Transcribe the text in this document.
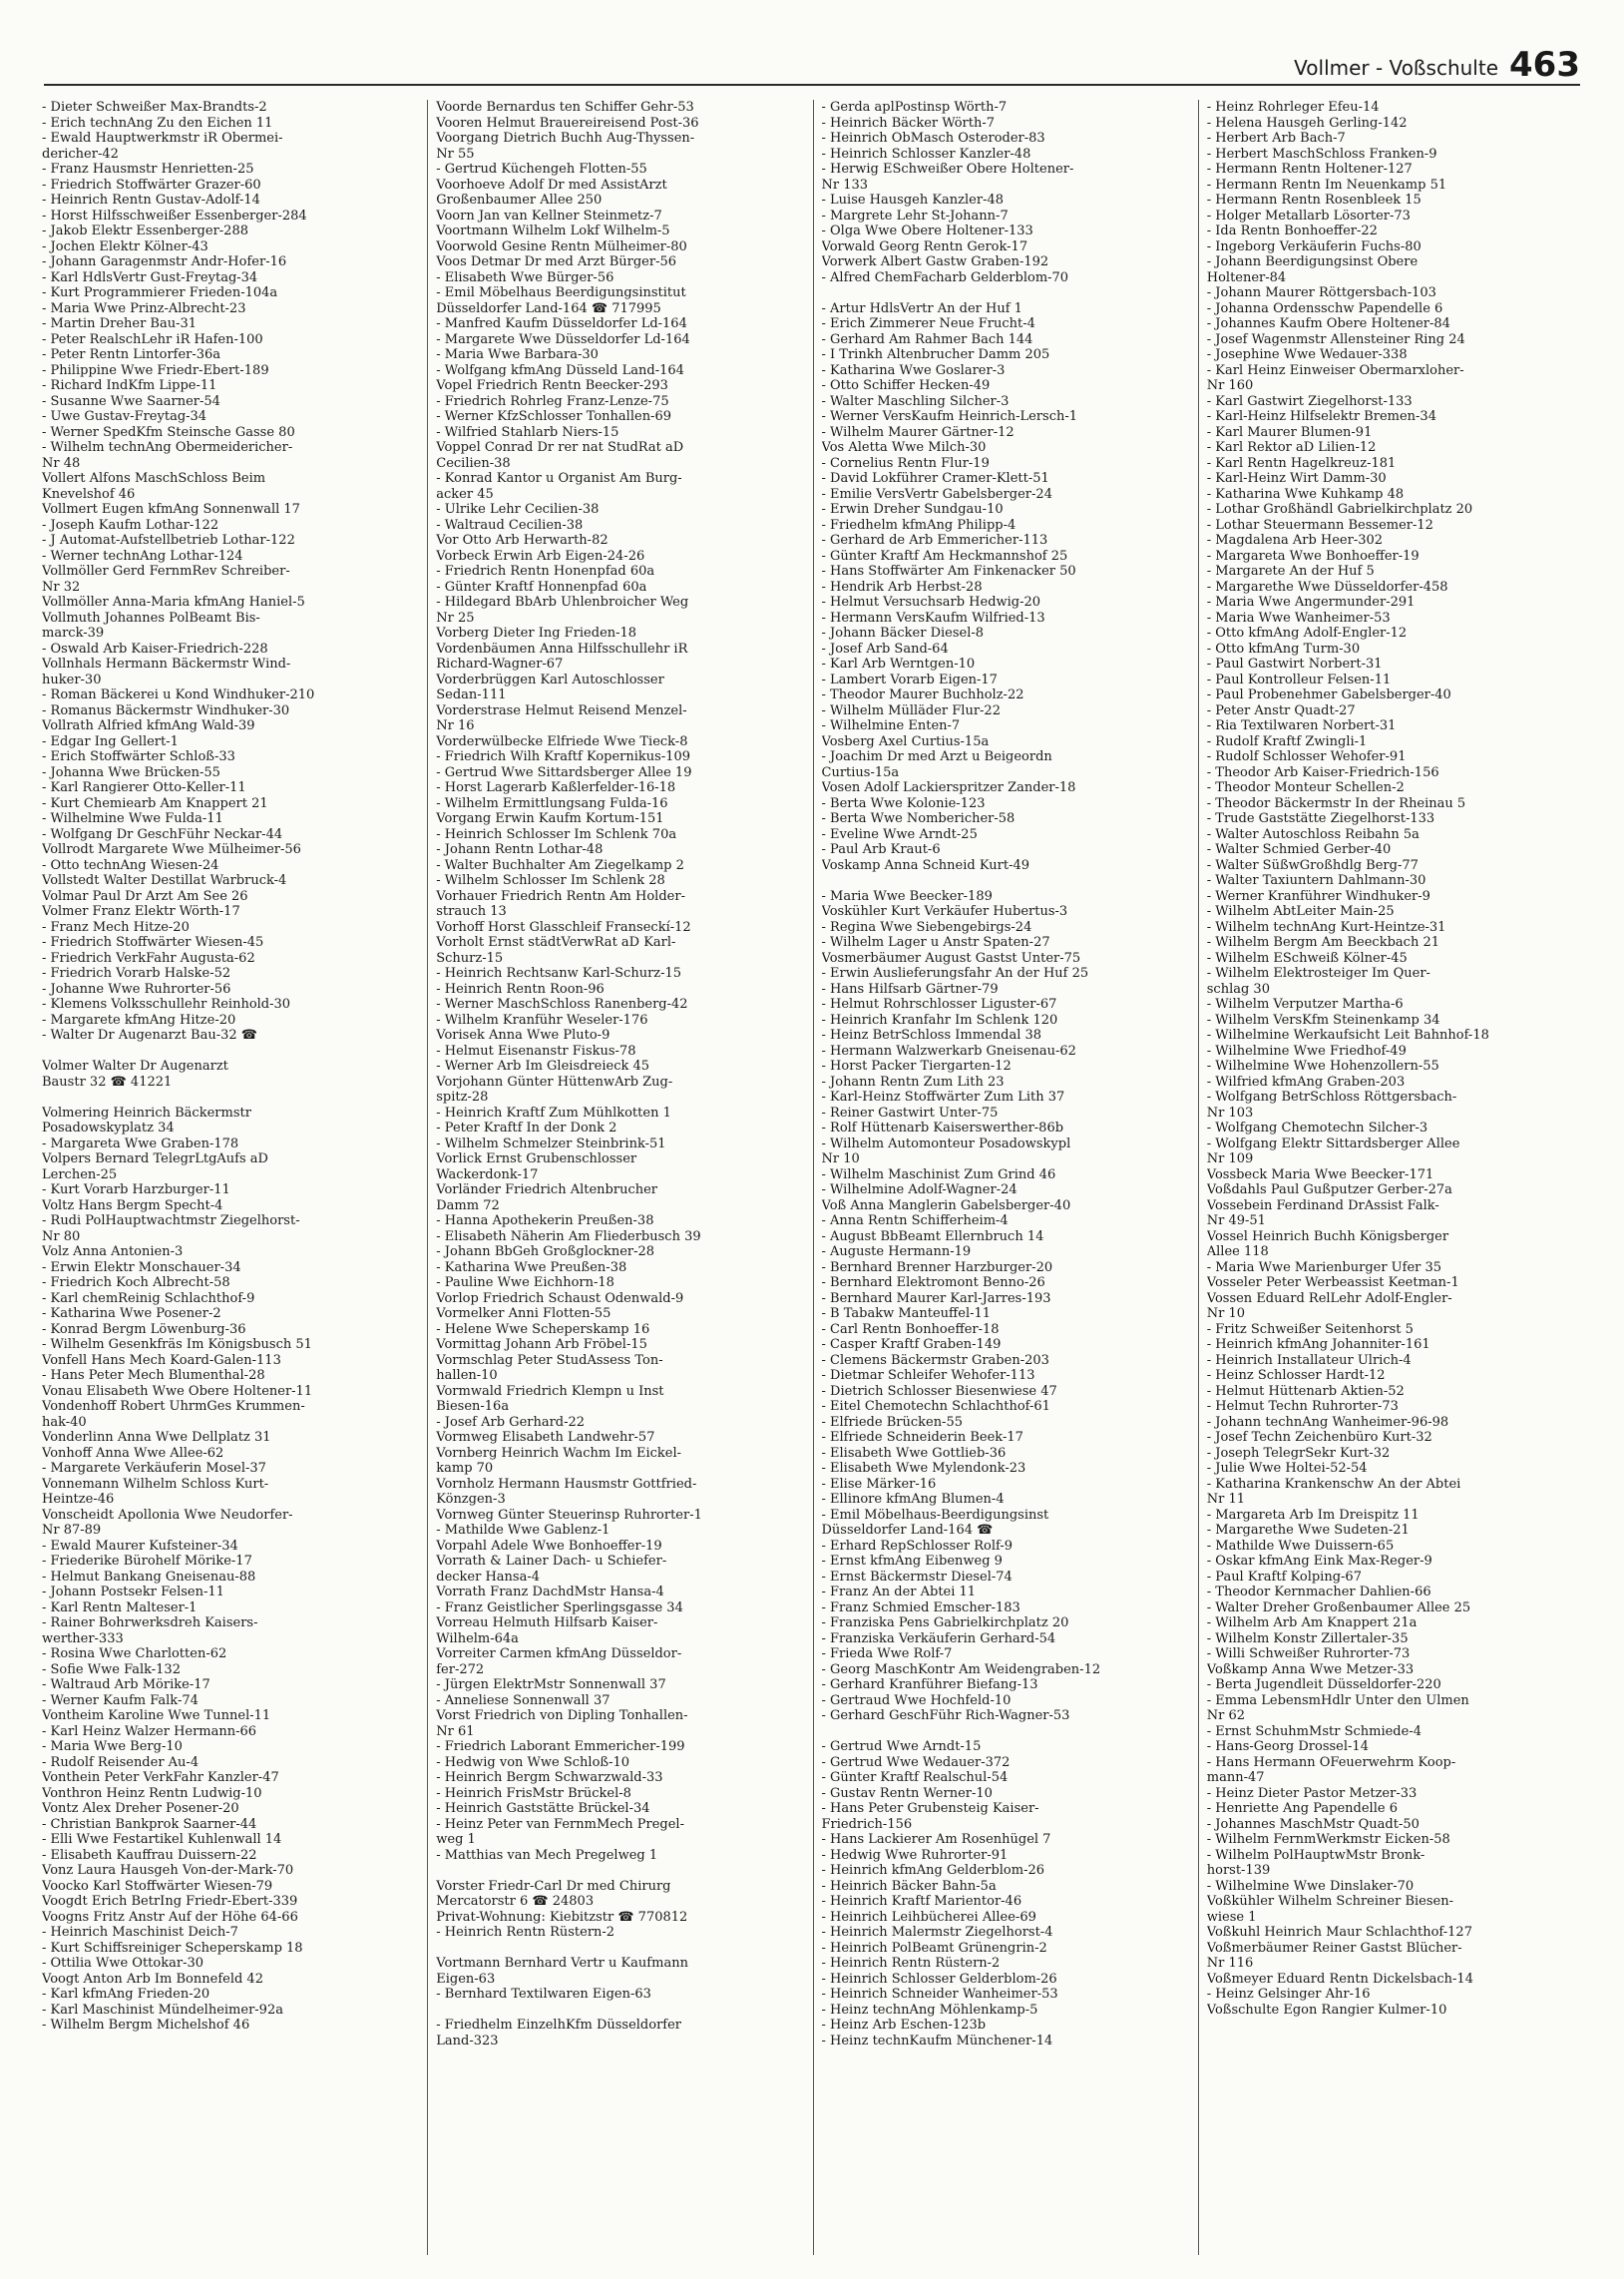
Vollmer - Voßschulte 463
- Dieter Schweißer Max-Brandts-2
- Erich technAng Zu den Eichen 11
- Ewald Hauptwerkmstr iR Obermei-
dericher-42
- Franz Hausmstr Henrietten-25
- Friedrich Stoffwärter Grazer-60
- Heinrich Rentn Gustav-Adolf-14
- Horst Hilfsschweißer Essenberger-284
- Jakob Elektr Essenberger-288
- Jochen Elektr Kölner-43
- Johann Garagenmstr Andr-Hofer-16
- Karl HdlsVertr Gust-Freytag-34
- Kurt Programmierer Frieden-104a
- Maria Wwe Prinz-Albrecht-23
- Martin Dreher Bau-31
- Peter RealschLehr iR Hafen-100
- Peter Rentn Lintorfer-36a
- Philippine Wwe Friedr-Ebert-189
- Richard IndKfm Lippe-11
- Susanne Wwe Saarner-54
- Uwe Gustav-Freytag-34
- Werner SpedKfm Steinsche Gasse 80
- Wilhelm technAng Obermeidericher-
Nr 48
Vollert Alfons MaschSchloss Beim
Knevelshof 46
Vollmert Eugen kfmAng Sonnenwall 17
- Joseph Kaufm Lothar-122
- J Automat-Aufstellbetrieb Lothar-122
- Werner technAng Lothar-124
Vollmöller Gerd FernmRev Schreiber-
Nr 32
Vollmöller Anna-Maria kfmAng Haniel-5
Vollmuth Johannes PolBeamt Bis-
marck-39
- Oswald Arb Kaiser-Friedrich-228
Vollnhals Hermann Bäckermstr Wind-
huker-30
- Roman Bäckerei u Kond Windhuker-210
- Romanus Bäckermstr Windhuker-30
Vollrath Alfried kfmAng Wald-39
- Edgar Ing Gellert-1
- Erich Stoffwärter Schloß-33
- Johanna Wwe Brücken-55
- Karl Rangierer Otto-Keller-11
- Kurt Chemiearb Am Knappert 21
- Wilhelmine Wwe Fulda-11
- Wolfgang Dr GeschFühr Neckar-44
Vollrodt Margarete Wwe Mülheimer-56
- Otto technAng Wiesen-24
Vollstedt Walter Destillat Warbruck-4
Volmar Paul Dr Arzt Am See 26
Volmer Franz Elektr Wörth-17
- Franz Mech Hitze-20
- Friedrich Stoffwärter Wiesen-45
- Friedrich VerkFahr Augusta-62
- Friedrich Vorarb Halske-52
- Johanne Wwe Ruhrorter-56
- Klemens Volksschullehr Reinhold-30
- Margarete kfmAng Hitze-20
- Walter Dr Augenarzt Bau-32 ☎

Volmer Walter Dr Augenarzt
Baustr 32 ☎ 41221

Volmering Heinrich Bäckermstr
Posadowskyplatz 34
- Margareta Wwe Graben-178
Volpers Bernard TelegrLtgAufs aD
Lerchen-25
- Kurt Vorarb Harzburger-11
Voltz Hans Bergm Specht-4
- Rudi PolHauptwachtmstr Ziegelhorst-
Nr 80
Volz Anna Antonien-3
- Erwin Elektr Monschauer-34
- Friedrich Koch Albrecht-58
- Karl chemReinig Schlachthof-9
- Katharina Wwe Posener-2
- Konrad Bergm Löwenburg-36
- Wilhelm Gesenkfräs Im Königsbusch 51
Vonfell Hans Mech Koard-Galen-113
- Hans Peter Mech Blumenthal-28
Vonau Elisabeth Wwe Obere Holtener-11
Vondenhoff Robert UhrmGes Krummen-
hak-40
Vonderlinn Anna Wwe Dellplatz 31
Vonhoff Anna Wwe Allee-62
- Margarete Verkäuferin Mosel-37
Vonnemann Wilhelm Schloss Kurt-
Heintze-46
Vonscheidt Apollonia Wwe Neudorfer-
Nr 87-89
- Ewald Maurer Kufsteiner-34
- Friederike Bürohelf Mörike-17
- Helmut Bankang Gneisenau-88
- Johann Postsekr Felsen-11
- Karl Rentn Malteser-1
- Rainer Bohrwerksdreh Kaisers-
werther-333
- Rosina Wwe Charlotten-62
- Sofie Wwe Falk-132
- Waltraud Arb Mörike-17
- Werner Kaufm Falk-74
Vontheim Karoline Wwe Tunnel-11
- Karl Heinz Walzer Hermann-66
- Maria Wwe Berg-10
- Rudolf Reisender Au-4
Vonthein Peter VerkFahr Kanzler-47
Vonthron Heinz Rentn Ludwig-10
Vontz Alex Dreher Posener-20
- Christian Bankprok Saarner-44
- Elli Wwe Festartikel Kuhlenwall 14
- Elisabeth Kauffrau Duissern-22
Vonz Laura Hausgeh Von-der-Mark-70
Voocko Karl Stoffwärter Wiesen-79
Voogdt Erich BetrIng Friedr-Ebert-339
Voogns Fritz Anstr Auf der Höhe 64-66
- Heinrich Maschinist Deich-7
- Kurt Schiffsreiniger Scheperskamp 18
- Ottilia Wwe Ottokar-30
Voogt Anton Arb Im Bonnefeld 42
- Karl kfmAng Frieden-20
- Karl Maschinist Mündelheimer-92a
- Wilhelm Bergm Michelshof 46
Voorde Bernardus ten Schiffer Gehr-53
Vooren Helmut Brauereireisend Post-36
Voorgang Dietrich Buchh Aug-Thyssen-
Nr 55
- Gertrud Küchengeh Flotten-55
Voorhoeve Adolf Dr med AssistArzt
Großenbaumer Allee 250
Voorn Jan van Kellner Steinmetz-7
Voortmann Wilhelm Lokf Wilhelm-5
Voorwold Gesine Rentn Mülheimer-80
Voos Detmar Dr med Arzt Bürger-56
- Elisabeth Wwe Bürger-56
- Emil Möbelhaus Beerdigungsinstitut
Düsseldorfer Land-164 ☎ 717995
- Manfred Kaufm Düsseldorfer Ld-164
- Margarete Wwe Düsseldorfer Ld-164
- Maria Wwe Barbara-30
- Wolfgang kfmAng Düsseld Land-164
Vopel Friedrich Rentn Beecker-293
- Friedrich Rohrleg Franz-Lenze-75
- Werner KfzSchlosser Tonhallen-69
- Wilfried Stahlarb Niers-15
Voppel Conrad Dr rer nat StudRat aD
Cecilien-38
- Konrad Kantor u Organist Am Burg-
acker 45
- Ulrike Lehr Cecilien-38
- Waltraud Cecilien-38
Vor Otto Arb Herwarth-82
Vorbeck Erwin Arb Eigen-24-26
- Friedrich Rentn Honenpfad 60a
- Günter Kraftf Honnenpfad 60a
- Hildegard BbArb Uhlenbroicher Weg
Nr 25
Vorberg Dieter Ing Frieden-18
Vordenbäumen Anna Hilfsschullehr iR
Richard-Wagner-67
Vorderbrüggen Karl Autoschlosser
Sedan-111
Vorderstrase Helmut Reisend Menzel-
Nr 16
Vorderwülbecke Elfriede Wwe Tieck-8
- Friedrich Wilh Kraftf Kopernikus-109
- Gertrud Wwe Sittardsberger Allee 19
- Horst Lagerarb Kaßlerfelder-16-18
- Wilhelm Ermittlungsang Fulda-16
Vorgang Erwin Kaufm Kortum-151
- Heinrich Schlosser Im Schlenk 70a
- Johann Rentn Lothar-48
- Walter Buchhalter Am Ziegelkamp 2
- Wilhelm Schlosser Im Schlenk 28
Vorhauer Friedrich Rentn Am Holder-
strauch 13
Vorhoff Horst Glasschleif Franseckí-12
Vorholt Ernst städtVerwRat aD Karl-
Schurz-15
- Heinrich Rechtsanw Karl-Schurz-15
- Heinrich Rentn Roon-96
- Werner MaschSchloss Ranenberg-42
- Wilhelm Kranführ Weseler-176
Vorisek Anna Wwe Pluto-9
- Helmut Eisenanstr Fiskus-78
- Werner Arb Im Gleisdreieck 45
Vorjohann Günter HüttenwArb Zug-
spitz-28
- Heinrich Kraftf Zum Mühlkotten 1
- Peter Kraftf In der Donk 2
- Wilhelm Schmelzer Steinbrink-51
Vorlick Ernst Grubenschlosser
Wackerdonk-17
Vorländer Friedrich Altenbrucher
Damm 72
- Hanna Apothekerin Preußen-38
- Elisabeth Näherin Am Fliederbusch 39
- Johann BbGeh Großglockner-28
- Katharina Wwe Preußen-38
- Pauline Wwe Eichhorn-18
Vorlop Friedrich Schaust Odenwald-9
Vormelker Anni Flotten-55
- Helene Wwe Scheperskamp 16
Vormittag Johann Arb Fröbel-15
Vormschlag Peter StudAssess Ton-
hallen-10
Vormwald Friedrich Klempn u Inst
Biesen-16a
- Josef Arb Gerhard-22
Vormweg Elisabeth Landwehr-57
Vornberg Heinrich Wachm Im Eickel-
kamp 70
Vornholz Hermann Hausmstr Gottfried-
Könzgen-3
Vornweg Günter Steuerinsp Ruhrorter-1
- Mathilde Wwe Gablenz-1
Vorpahl Adele Wwe Bonhoeffer-19
Vorrath & Lainer Dach- u Schiefer-
decker Hansa-4
Vorrath Franz DachdMstr Hansa-4
- Franz Geistlicher Sperlingsgasse 34
Vorreau Helmuth Hilfsarb Kaiser-
Wilhelm-64a
Vorreiter Carmen kfmAng Düsseldor-
fer-272
- Jürgen ElektrMstr Sonnenwall 37
- Anneliese Sonnenwall 37
Vorst Friedrich von Dipling Tonhallen-
Nr 61
- Friedrich Laborant Emmericher-199
- Hedwig von Wwe Schloß-10
- Heinrich Bergm Schwarzwald-33
- Heinrich FrisMstr Brückel-8
- Heinrich Gaststätte Brückel-34
- Heinz Peter van FernmMech Pregel-
weg 1
- Matthias van Mech Pregelweg 1

Vorster Friedr-Carl Dr med Chirurg
Mercatorstr 6 ☎ 24803
Privat-Wohnung: Kiebitzstr ☎ 770812
- Heinrich Rentn Rüstern-2

Vortmann Bernhard Vertr u Kaufmann
Eigen-63
- Bernhard Textilwaren Eigen-63

- Friedhelm EinzelhKfm Düsseldorfer
Land-323
- Gerda aplPostinsp Wörth-7
- Heinrich Bäcker Wörth-7
- Heinrich ObMasch Osteroder-83
- Heinrich Schlosser Kanzler-48
- Herwig ESchweißer Obere Holtener-
Nr 133
- Luise Hausgeh Kanzler-48
- Margrete Lehr St-Johann-7
- Olga Wwe Obere Holtener-133
Vorwald Georg Rentn Gerok-17
Vorwerk Albert Gastw Graben-192
- Alfred ChemFacharb Gelderblom-70

- Artur HdlsVertr An der Huf 1
- Erich Zimmerer Neue Frucht-4
- Gerhard Am Rahmer Bach 144
- I Trinkh Altenbrucher Damm 205
- Katharina Wwe Goslarer-3
- Otto Schiffer Hecken-49
- Walter Maschling Silcher-3
- Werner VersKaufm Heinrich-Lersch-1
- Wilhelm Maurer Gärtner-12
Vos Aletta Wwe Milch-30
- Cornelius Rentn Flur-19
- David Lokführer Cramer-Klett-51
- Emilie VersVertr Gabelsberger-24
- Erwin Dreher Sundgau-10
- Friedhelm kfmAng Philipp-4
- Gerhard de Arb Emmericher-113
- Günter Kraftf Am Heckmannshof 25
- Hans Stoffwärter Am Finkenacker 50
- Hendrik Arb Herbst-28
- Helmut Versuchsarb Hedwig-20
- Hermann VersKaufm Wilfried-13
- Johann Bäcker Diesel-8
- Josef Arb Sand-64
- Karl Arb Werntgen-10
- Lambert Vorarb Eigen-17
- Theodor Maurer Buchholz-22
- Wilhelm Mülläder Flur-22
- Wilhelmine Enten-7
Vosberg Axel Curtius-15a
- Joachim Dr med Arzt u Beigeordn
Curtius-15a
Vosen Adolf Lackierspritzer Zander-18
- Berta Wwe Kolonie-123
- Berta Wwe Nombericher-58
- Eveline Wwe Arndt-25
- Paul Arb Kraut-6
Voskamp Anna Schneid Kurt-49

- Maria Wwe Beecker-189
Voskühler Kurt Verkäufer Hubertus-3
- Regina Wwe Siebengebirgs-24
- Wilhelm Lager u Anstr Spaten-27
Vosmerbäumer August Gastst Unter-75
- Erwin Auslieferungsfahr An der Huf 25
- Hans Hilfsarb Gärtner-79
- Helmut Rohrschlosser Liguster-67
- Heinrich Kranfahr Im Schlenk 120
- Heinz BetrSchloss Immendal 38
- Hermann Walzwerkarb Gneisenau-62
- Horst Packer Tiergarten-12
- Johann Rentn Zum Lith 23
- Karl-Heinz Stoffwärter Zum Lith 37
- Reiner Gastwirt Unter-75
- Rolf Hüttenarb Kaiserswerther-86b
- Wilhelm Automonteur Posadowskypl
Nr 10
- Wilhelm Maschinist Zum Grind 46
- Wilhelmine Adolf-Wagner-24
Voß Anna Manglerin Gabelsberger-40
- Anna Rentn Schifferheim-4
- August BbBeamt Ellernbruch 14
- Auguste Hermann-19
- Bernhard Brenner Harzburger-20
- Bernhard Elektromont Benno-26
- Bernhard Maurer Karl-Jarres-193
- B Tabakw Manteuffel-11
- Carl Rentn Bonhoeffer-18
- Casper Kraftf Graben-149
- Clemens Bäckermstr Graben-203
- Dietmar Schleifer Wehofer-113
- Dietrich Schlosser Biesenwiese 47
- Eitel Chemotechn Schlachthof-61
- Elfriede Brücken-55
- Elfriede Schneiderin Beek-17
- Elisabeth Wwe Gottlieb-36
- Elisabeth Wwe Mylendonk-23
- Elise Märker-16
- Ellinore kfmAng Blumen-4
- Emil Möbelhaus-Beerdigungsinst
Düsseldorfer Land-164 ☎
- Erhard RepSchlosser Rolf-9
- Ernst kfmAng Eibenweg 9
- Ernst Bäckermstr Diesel-74
- Franz An der Abtei 11
- Franz Schmied Emscher-183
- Franziska Pens Gabrielkirchplatz 20
- Franziska Verkäuferin Gerhard-54
- Frieda Wwe Rolf-7
- Georg MaschKontr Am Weidengraben-12
- Gerhard Kranführer Biefang-13
- Gertraud Wwe Hochfeld-10
- Gerhard GeschFühr Rich-Wagner-53

- Gertrud Wwe Arndt-15
- Gertrud Wwe Wedauer-372
- Günter Kraftf Realschul-54
- Gustav Rentn Werner-10
- Hans Peter Grubensteig Kaiser-
Friedrich-156
- Hans Lackierer Am Rosenhügel 7
- Hedwig Wwe Ruhrorter-91
- Heinrich kfmAng Gelderblom-26
- Heinrich Bäcker Bahn-5a
- Heinrich Kraftf Marientor-46
- Heinrich Leihbücherei Allee-69
- Heinrich Malermstr Ziegelhorst-4
- Heinrich PolBeamt Grünengrin-2
- Heinrich Rentn Rüstern-2
- Heinrich Schlosser Gelderblom-26
- Heinrich Schneider Wanheimer-53
- Heinz technAng Möhlenkamp-5
- Heinz Arb Eschen-123b
- Heinz technKaufm Münchener-14
- Heinz Rohrleger Efeu-14
- Helena Hausgeh Gerling-142
- Herbert Arb Bach-7
- Herbert MaschSchloss Franken-9
- Hermann Rentn Holtener-127
- Hermann Rentn Im Neuenkamp 51
- Hermann Rentn Rosenbleek 15
- Holger Metallarb Lösorter-73
- Ida Rentn Bonhoeffer-22
- Ingeborg Verkäuferin Fuchs-80
- Johann Beerdigungsinst Obere
Holtener-84
- Johann Maurer Röttgersbach-103
- Johanna Ordensschw Papendelle 6
- Johannes Kaufm Obere Holtener-84
- Josef Wagenmstr Allensteiner Ring 24
- Josephine Wwe Wedauer-338
- Karl Heinz Einweiser Obermarxloher-
Nr 160
- Karl Gastwirt Ziegelhorst-133
- Karl-Heinz Hilfselektr Bremen-34
- Karl Maurer Blumen-91
- Karl Rektor aD Lilien-12
- Karl Rentn Hagelkreuz-181
- Karl-Heinz Wirt Damm-30
- Katharina Wwe Kuhkamp 48
- Lothar Großhändl Gabrielkirchplatz 20
- Lothar Steuermann Bessemer-12
- Magdalena Arb Heer-302
- Margareta Wwe Bonhoeffer-19
- Margarete An der Huf 5
- Margarethe Wwe Düsseldorfer-458
- Maria Wwe Angermunder-291
- Maria Wwe Wanheimer-53
- Otto kfmAng Adolf-Engler-12
- Otto kfmAng Turm-30
- Paul Gastwirt Norbert-31
- Paul Kontrolleur Felsen-11
- Paul Probenehmer Gabelsberger-40
- Peter Anstr Quadt-27
- Ria Textilwaren Norbert-31
- Rudolf Kraftf Zwingli-1
- Rudolf Schlosser Wehofer-91
- Theodor Arb Kaiser-Friedrich-156
- Theodor Monteur Schellen-2
- Theodor Bäckermstr In der Rheinau 5
- Trude Gaststätte Ziegelhorst-133
- Walter Autoschloss Reibahn 5a
- Walter Schmied Gerber-40
- Walter SüßwGroßhdlg Berg-77
- Walter Taxiuntern Dahlmann-30
- Werner Kranführer Windhuker-9
- Wilhelm AbtLeiter Main-25
- Wilhelm technAng Kurt-Heintze-31
- Wilhelm Bergm Am Beeckbach 21
- Wilhelm ESchweiß Kölner-45
- Wilhelm Elektrosteiger Im Quer-
schlag 30
- Wilhelm Verputzer Martha-6
- Wilhelm VersKfm Steinenkamp 34
- Wilhelmine Werkaufsicht Leit Bahnhof-18
- Wilhelmine Wwe Friedhof-49
- Wilhelmine Wwe Hohenzollern-55
- Wilfried kfmAng Graben-203
- Wolfgang BetrSchloss Röttgersbach-
Nr 103
- Wolfgang Chemotechn Silcher-3
- Wolfgang Elektr Sittardsberger Allee
Nr 109
Vossbeck Maria Wwe Beecker-171
Voßdahls Paul Gußputzer Gerber-27a
Vossebein Ferdinand DrAssist Falk-
Nr 49-51
Vossel Heinrich Buchh Königsberger
Allee 118
- Maria Wwe Marienburger Ufer 35
Vosseler Peter Werbeassist Keetman-1
Vossen Eduard RelLehr Adolf-Engler-
Nr 10
- Fritz Schweißer Seitenhorst 5
- Heinrich kfmAng Johanniter-161
- Heinrich Installateur Ulrich-4
- Heinz Schlosser Hardt-12
- Helmut Hüttenarb Aktien-52
- Helmut Techn Ruhrorter-73
- Johann technAng Wanheimer-96-98
- Josef Techn Zeichenbüro Kurt-32
- Joseph TelegrSekr Kurt-32
- Julie Wwe Holtei-52-54
- Katharina Krankenschw An der Abtei
Nr 11
- Margareta Arb Im Dreispitz 11
- Margarethe Wwe Sudeten-21
- Mathilde Wwe Duissern-65
- Oskar kfmAng Eink Max-Reger-9
- Paul Kraftf Kolping-67
- Theodor Kernmacher Dahlien-66
- Walter Dreher Großenbaumer Allee 25
- Wilhelm Arb Am Knappert 21a
- Wilhelm Konstr Zillertaler-35
- Willi Schweißer Ruhrorter-73
Voßkamp Anna Wwe Metzer-33
- Berta Jugendleit Düsseldorfer-220
- Emma LebensmHdlr Unter den Ulmen
Nr 62
- Ernst SchuhmMstr Schmiede-4
- Hans-Georg Drossel-14
- Hans Hermann OFeuerwehrm Koop-
mann-47
- Heinz Dieter Pastor Metzer-33
- Henriette Ang Papendelle 6
- Johannes MaschMstr Quadt-50
- Wilhelm FernmWerkmstr Eicken-58
- Wilhelm PolHauptwMstr Bronk-
horst-139
- Wilhelmine Wwe Dinslaker-70
Voßkühler Wilhelm Schreiner Biesen-
wiese 1
Voßkuhl Heinrich Maur Schlachthof-127
Voßmerbäumer Reiner Gastst Blücher-
Nr 116
Voßmeyer Eduard Rentn Dickelsbach-14
- Heinz Gelsinger Ahr-16
Voßschulte Egon Rangier Kulmer-10
